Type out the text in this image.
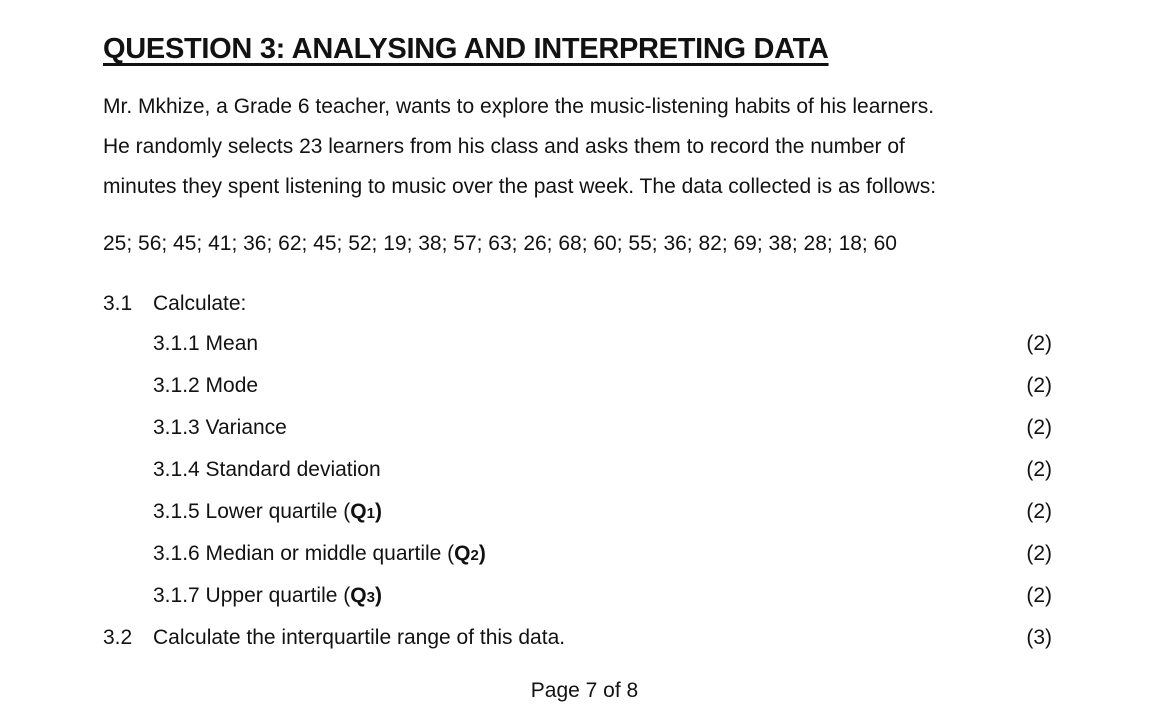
QUESTION 3: ANALYSING AND INTERPRETING DATA
Mr. Mkhize, a Grade 6 teacher, wants to explore the music-listening habits of his learners.
He randomly selects 23 learners from his class and asks them to record the number of
minutes they spent listening to music over the past week. The data collected is as follows:
25; 56; 45; 41; 36; 62; 45; 52; 19; 38; 57; 63; 26; 68; 60; 55; 36; 82; 69; 38; 28; 18; 60
3.1 Calculate:
3.1.1 Mean	(2)
3.1.2 Mode	(2)
3.1.3 Variance	(2)
3.1.4 Standard deviation	(2)
3.1.5 Lower quartile (Q1)	(2)
3.1.6 Median or middle quartile (Q2)	(2)
3.1.7 Upper quartile (Q3)	(2)
3.2 Calculate the interquartile range of this data.	(3)
Page 7 of 8
